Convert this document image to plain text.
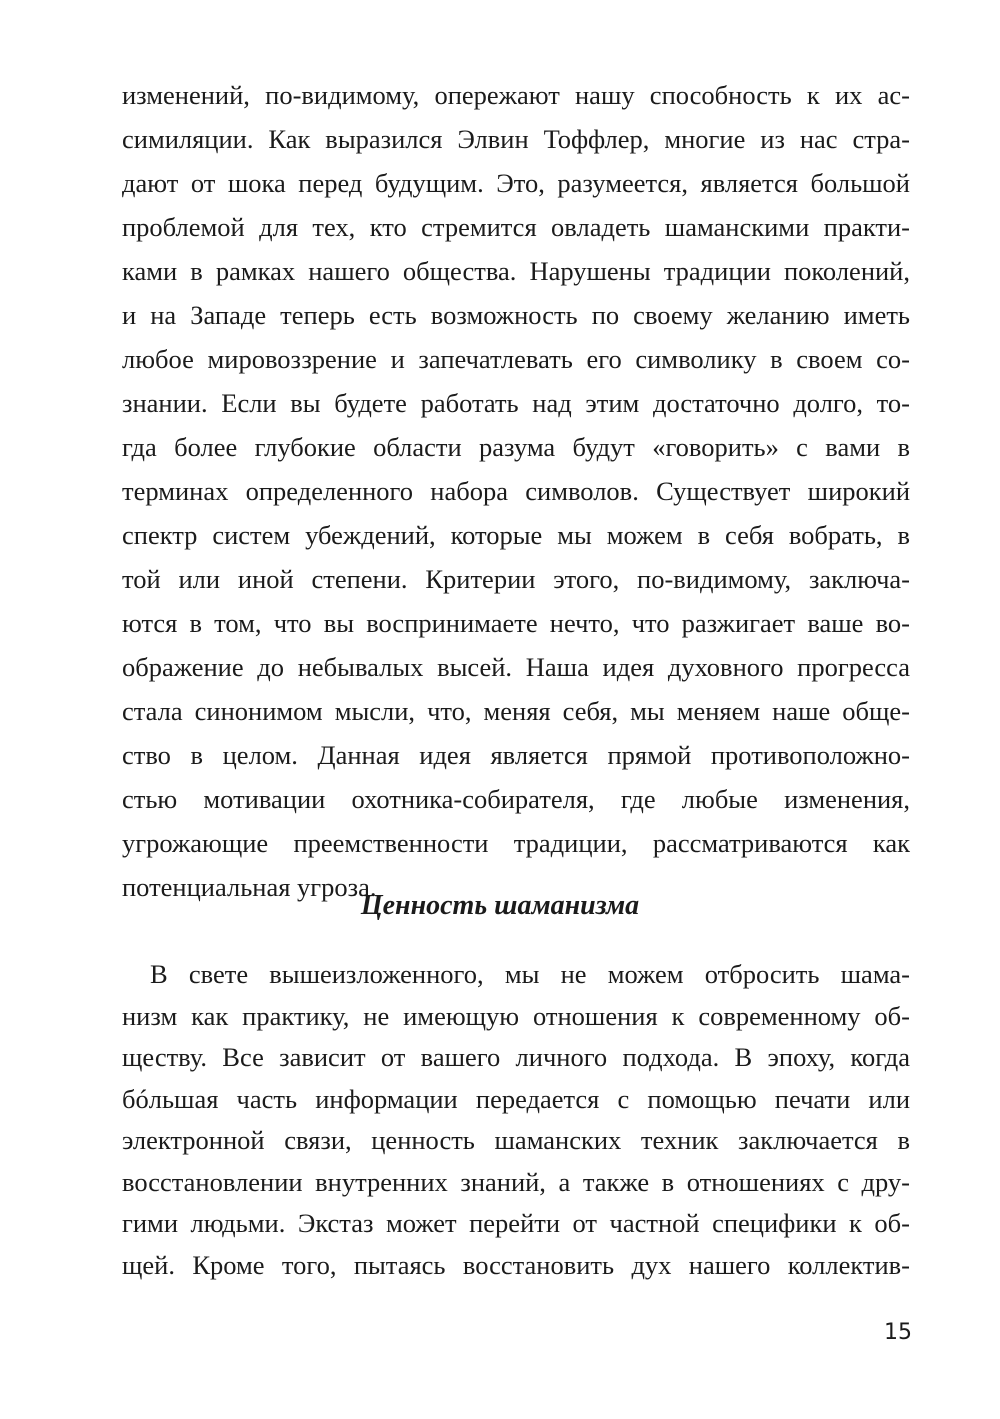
изменений, по-видимому, опережают нашу способность к их ас-
симиляции. Как выразился Элвин Тоффлер, многие из нас стра-
дают от шока перед будущим. Это, разумеется, является большой
проблемой для тех, кто стремится овладеть шаманскими практи-
ками в рамках нашего общества. Нарушены традиции поколений,
и на Западе теперь есть возможность по своему желанию иметь
любое мировоззрение и запечатлевать его символику в своем со-
знании. Если вы будете работать над этим достаточно долго, то-
гда более глубокие области разума будут «говорить» с вами в
терминах определенного набора символов. Существует широкий
спектр систем убеждений, которые мы можем в себя вобрать, в
той или иной степени. Критерии этого, по-видимому, заключа-
ются в том, что вы воспринимаете нечто, что разжигает ваше во-
ображение до небывалых высей. Наша идея духовного прогресса
стала синонимом мысли, что, меняя себя, мы меняем наше обще-
ство в целом. Данная идея является прямой противоположно-
стью мотивации охотника-собирателя, где любые изменения,
угрожающие преемственности традиции, рассматриваются как
потенциальная угроза.
Ценность шаманизма
В свете вышеизложенного, мы не можем отбросить шама-
низм как практику, не имеющую отношения к современному об-
ществу. Все зависит от вашего личного подхода. В эпоху, когда
бóльшая часть информации передается с помощью печати или
электронной связи, ценность шаманских техник заключается в
восстановлении внутренних знаний, а также в отношениях с дру-
гими людьми. Экстаз может перейти от частной специфики к об-
щей. Кроме того, пытаясь восстановить дух нашего коллектив-
15
